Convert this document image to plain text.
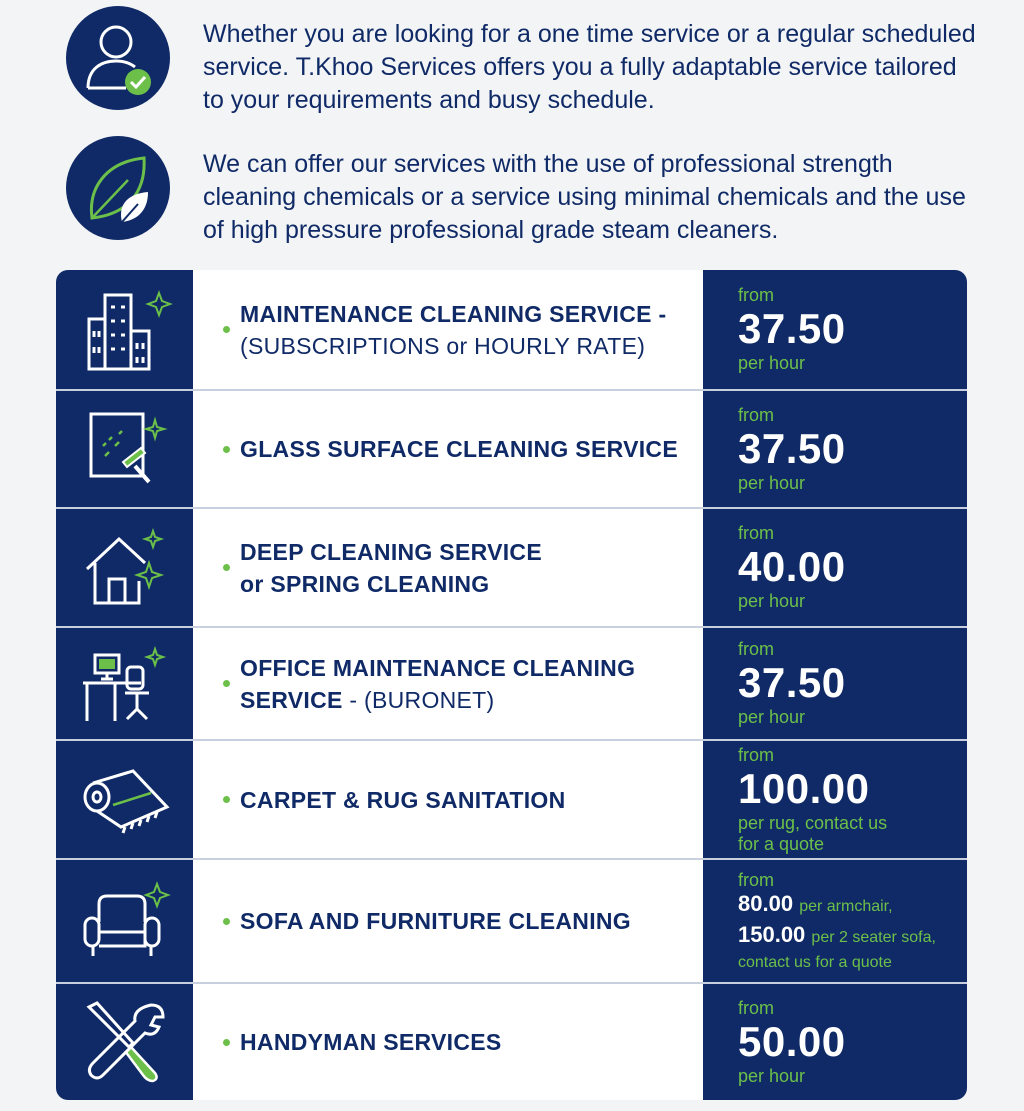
Whether you are looking for a one time service or a regular scheduled service. T.Khoo Services offers you a fully adaptable service tailored to your requirements and busy schedule.
We can offer our services with the use of professional strength cleaning chemicals or a service using minimal chemicals and the use of high pressure professional grade steam cleaners.
MAINTENANCE CLEANING SERVICE -
(SUBSCRIPTIONS or HOURLY RATE)
from
37.50
per hour
GLASS SURFACE CLEANING SERVICE
from
37.50
per hour
DEEP CLEANING SERVICE
or SPRING CLEANING
from
40.00
per hour
OFFICE MAINTENANCE CLEANING
SERVICE - (BURONET)
from
37.50
per hour
CARPET & RUG SANITATION
from
100.00
per rug, contact us
for a quote
SOFA AND FURNITURE CLEANING
from
80.00 per armchair,
150.00 per 2 seater sofa,
contact us for a quote
HANDYMAN SERVICES
from
50.00
per hour
